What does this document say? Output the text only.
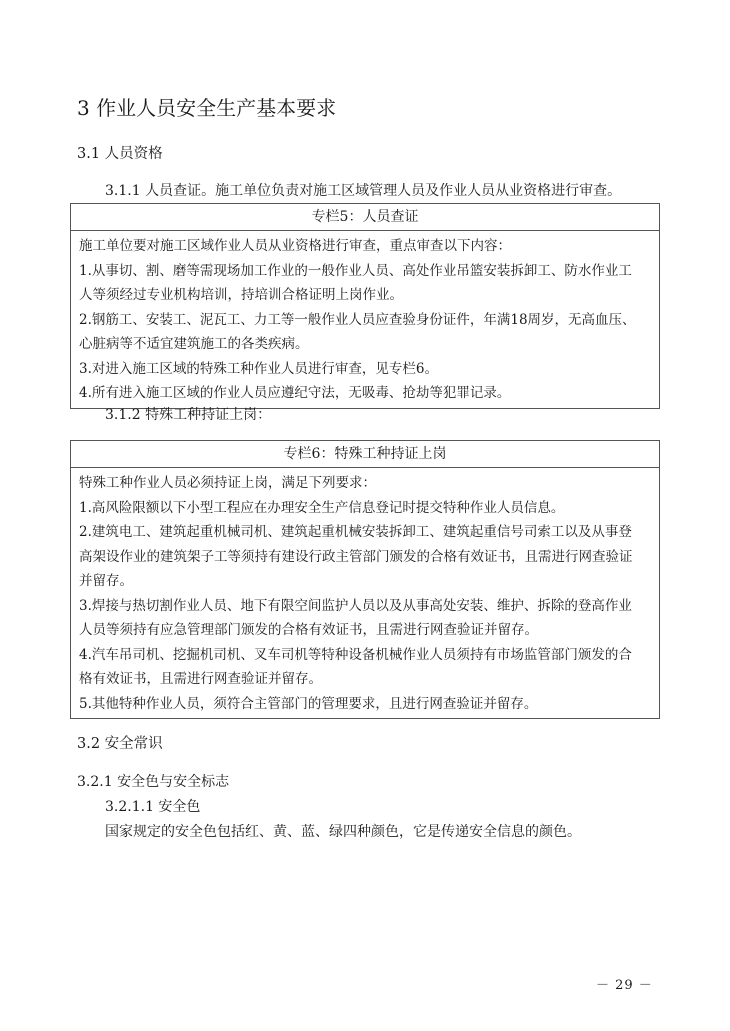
3 作业人员安全生产基本要求
3.1 人员资格
3.1.1 人员查证。施工单位负责对施工区域管理人员及作业人员从业资格进行审查。
专栏5：人员查证
施工单位要对施工区域作业人员从业资格进行审查，重点审查以下内容：
1.从事切、割、磨等需现场加工作业的一般作业人员、高处作业吊篮安装拆卸工、防水作业工
人等须经过专业机构培训，持培训合格证明上岗作业。
2.钢筋工、安装工、泥瓦工、力工等一般作业人员应查验身份证件，年满18周岁，无高血压、
心脏病等不适宜建筑施工的各类疾病。
3.对进入施工区域的特殊工种作业人员进行审查，见专栏6。
4.所有进入施工区域的作业人员应遵纪守法，无吸毒、抢劫等犯罪记录。
3.1.2 特殊工种持证上岗：
专栏6：特殊工种持证上岗
特殊工种作业人员必须持证上岗，满足下列要求：
1.高风险限额以下小型工程应在办理安全生产信息登记时提交特种作业人员信息。
2.建筑电工、建筑起重机械司机、建筑起重机械安装拆卸工、建筑起重信号司索工以及从事登
高架设作业的建筑架子工等须持有建设行政主管部门颁发的合格有效证书，且需进行网查验证
并留存。
3.焊接与热切割作业人员、地下有限空间监护人员以及从事高处安装、维护、拆除的登高作业
人员等须持有应急管理部门颁发的合格有效证书，且需进行网查验证并留存。
4.汽车吊司机、挖掘机司机、叉车司机等特种设备机械作业人员须持有市场监管部门颁发的合
格有效证书，且需进行网查验证并留存。
5.其他特种作业人员，须符合主管部门的管理要求，且进行网查验证并留存。
3.2 安全常识
3.2.1 安全色与安全标志
3.2.1.1 安全色
国家规定的安全色包括红、黄、蓝、绿四种颜色，它是传递安全信息的颜色。
－ 29 －
